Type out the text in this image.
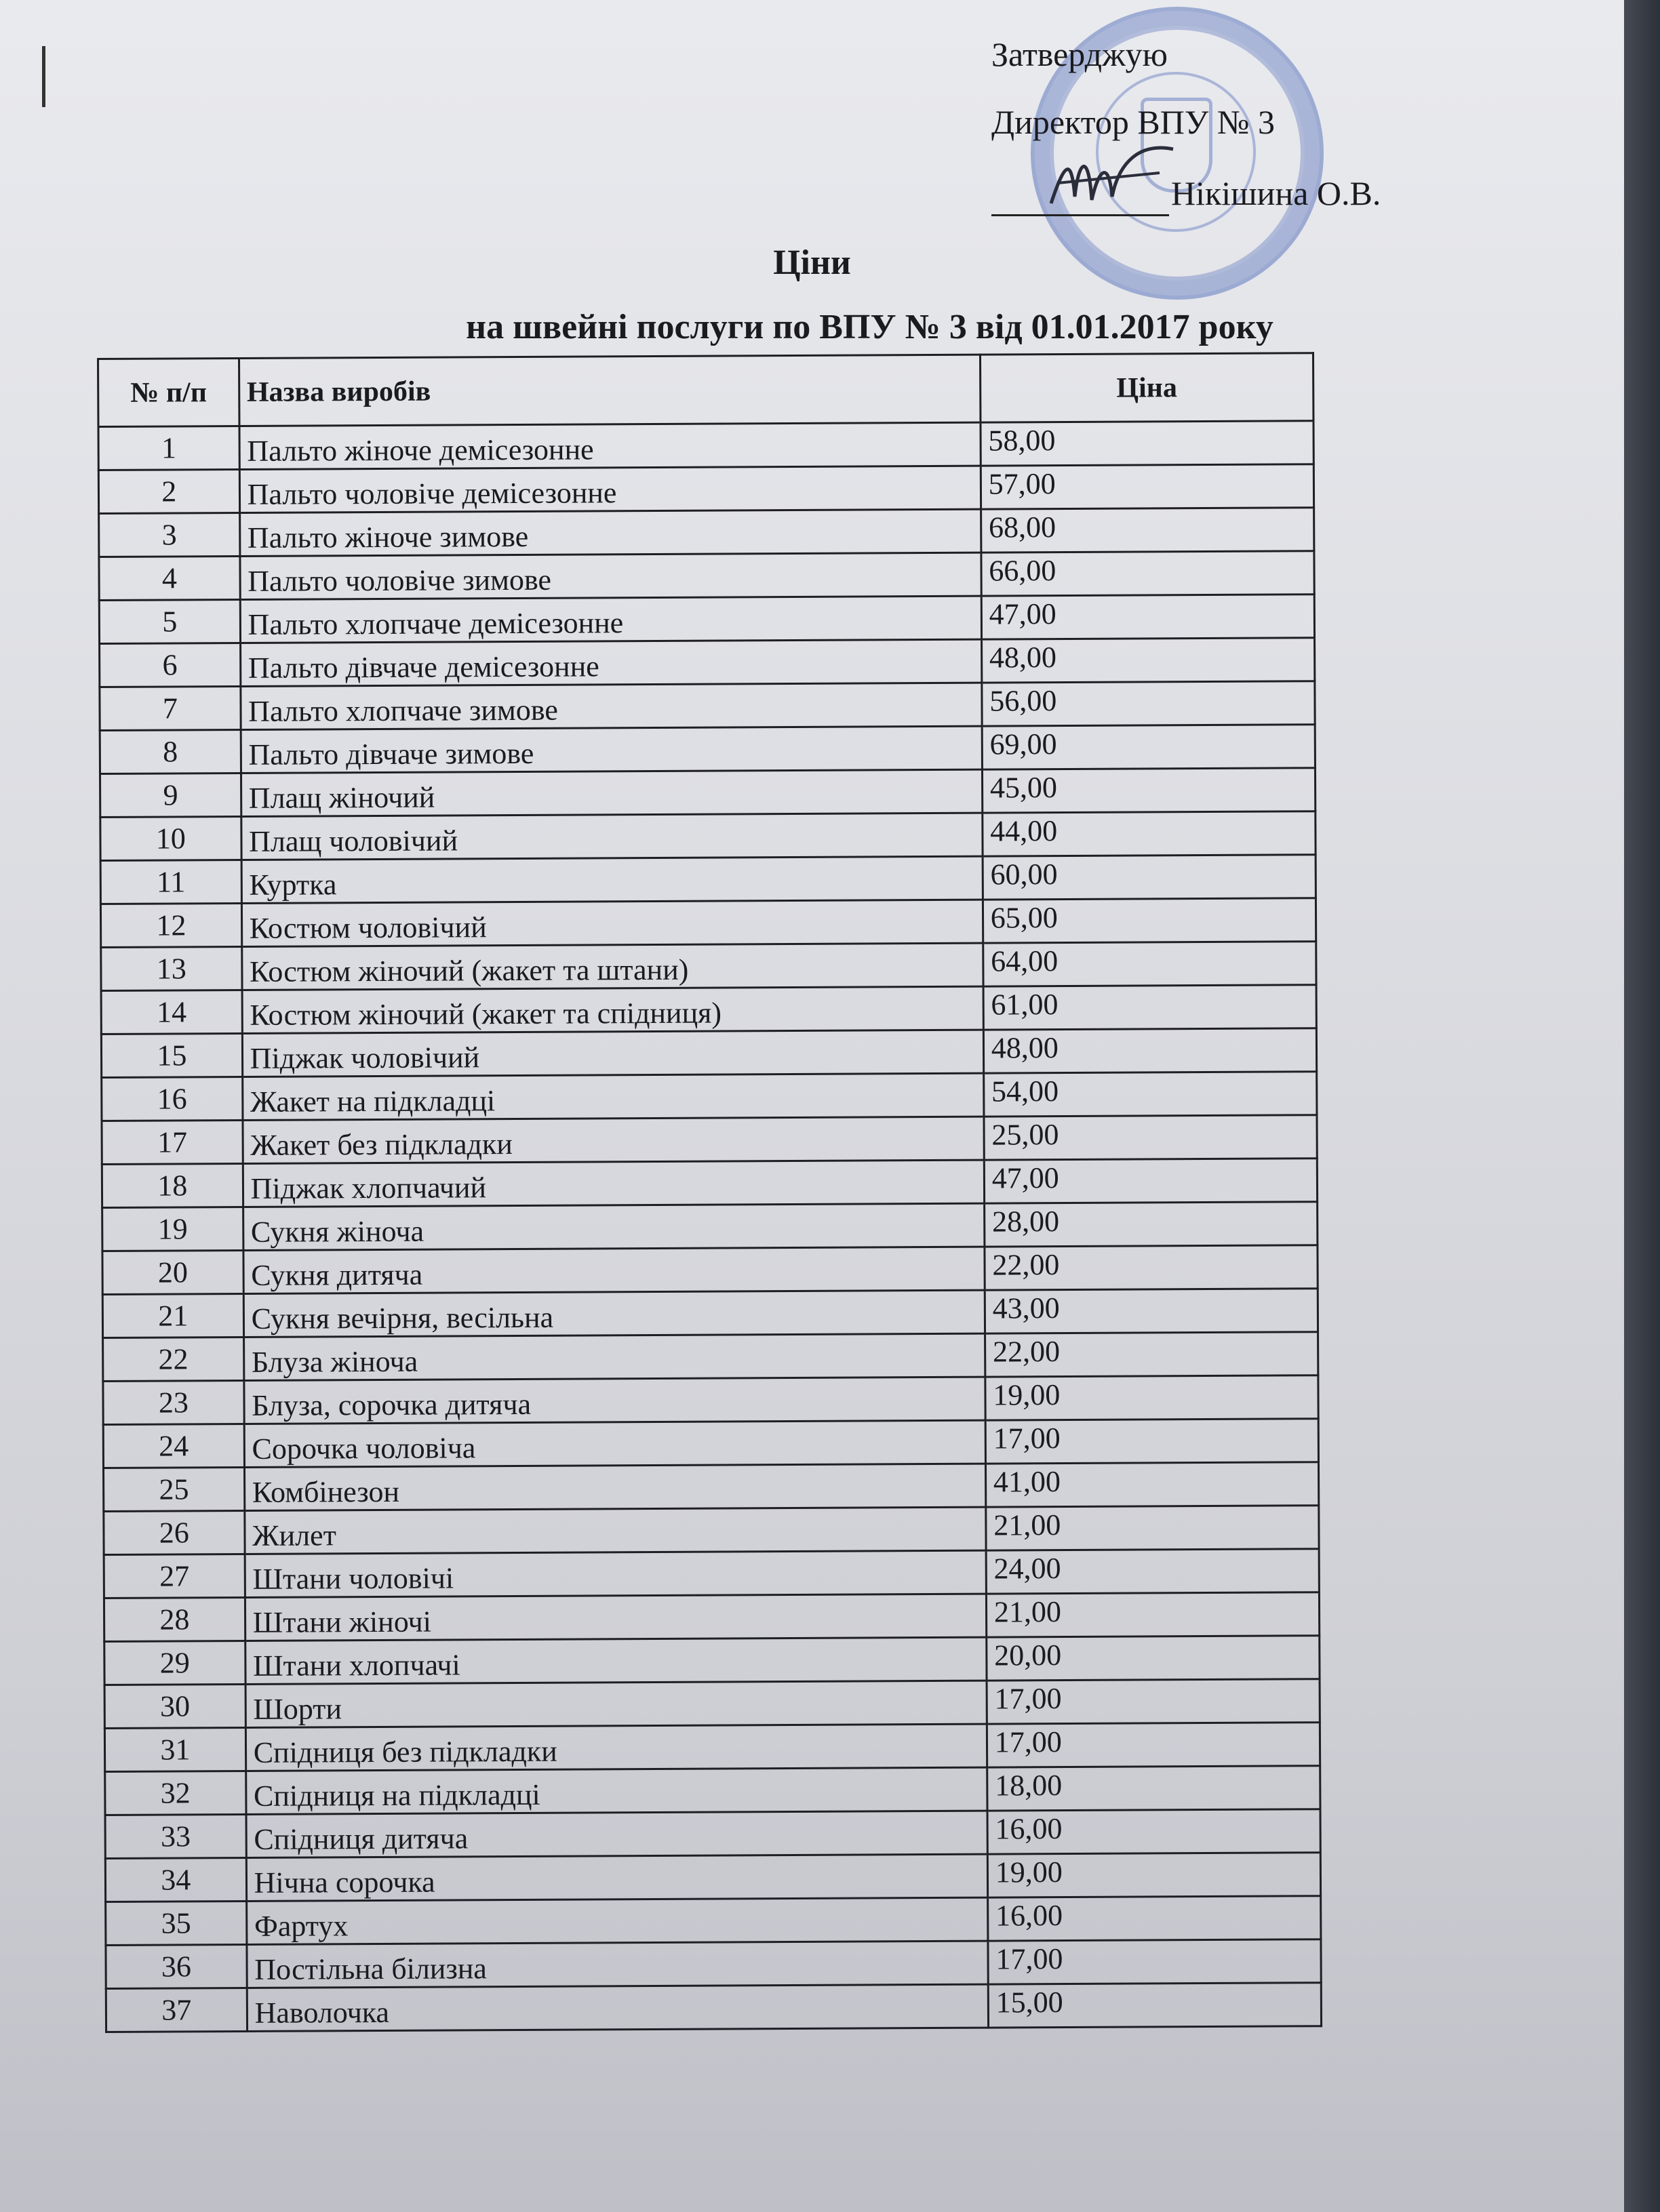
Затверджую
Директор ВПУ № 3
Нікішина О.В.
Ціни
на швейні послуги по ВПУ № 3 від 01.01.2017 року
№ п/п	Назва виробів	Ціна
1	Пальто жіноче демісезонне	58,00
2	Пальто чоловіче демісезонне	57,00
3	Пальто жіноче зимове	68,00
4	Пальто чоловіче зимове	66,00
5	Пальто хлопчаче демісезонне	47,00
6	Пальто дівчаче демісезонне	48,00
7	Пальто хлопчаче зимове	56,00
8	Пальто дівчаче зимове	69,00
9	Плащ жіночий	45,00
10	Плащ чоловічий	44,00
11	Куртка	60,00
12	Костюм чоловічий	65,00
13	Костюм жіночий (жакет та штани)	64,00
14	Костюм жіночий (жакет та спідниця)	61,00
15	Піджак чоловічий	48,00
16	Жакет на підкладці	54,00
17	Жакет без підкладки	25,00
18	Піджак хлопчачий	47,00
19	Сукня жіноча	28,00
20	Сукня дитяча	22,00
21	Сукня вечірня, весільна	43,00
22	Блуза жіноча	22,00
23	Блуза, сорочка дитяча	19,00
24	Сорочка чоловіча	17,00
25	Комбінезон	41,00
26	Жилет	21,00
27	Штани чоловічі	24,00
28	Штани жіночі	21,00
29	Штани хлопчачі	20,00
30	Шорти	17,00
31	Спідниця без підкладки	17,00
32	Спідниця на підкладці	18,00
33	Спідниця дитяча	16,00
34	Нічна сорочка	19,00
35	Фартух	16,00
36	Постільна білизна	17,00
37	Наволочка	15,00
